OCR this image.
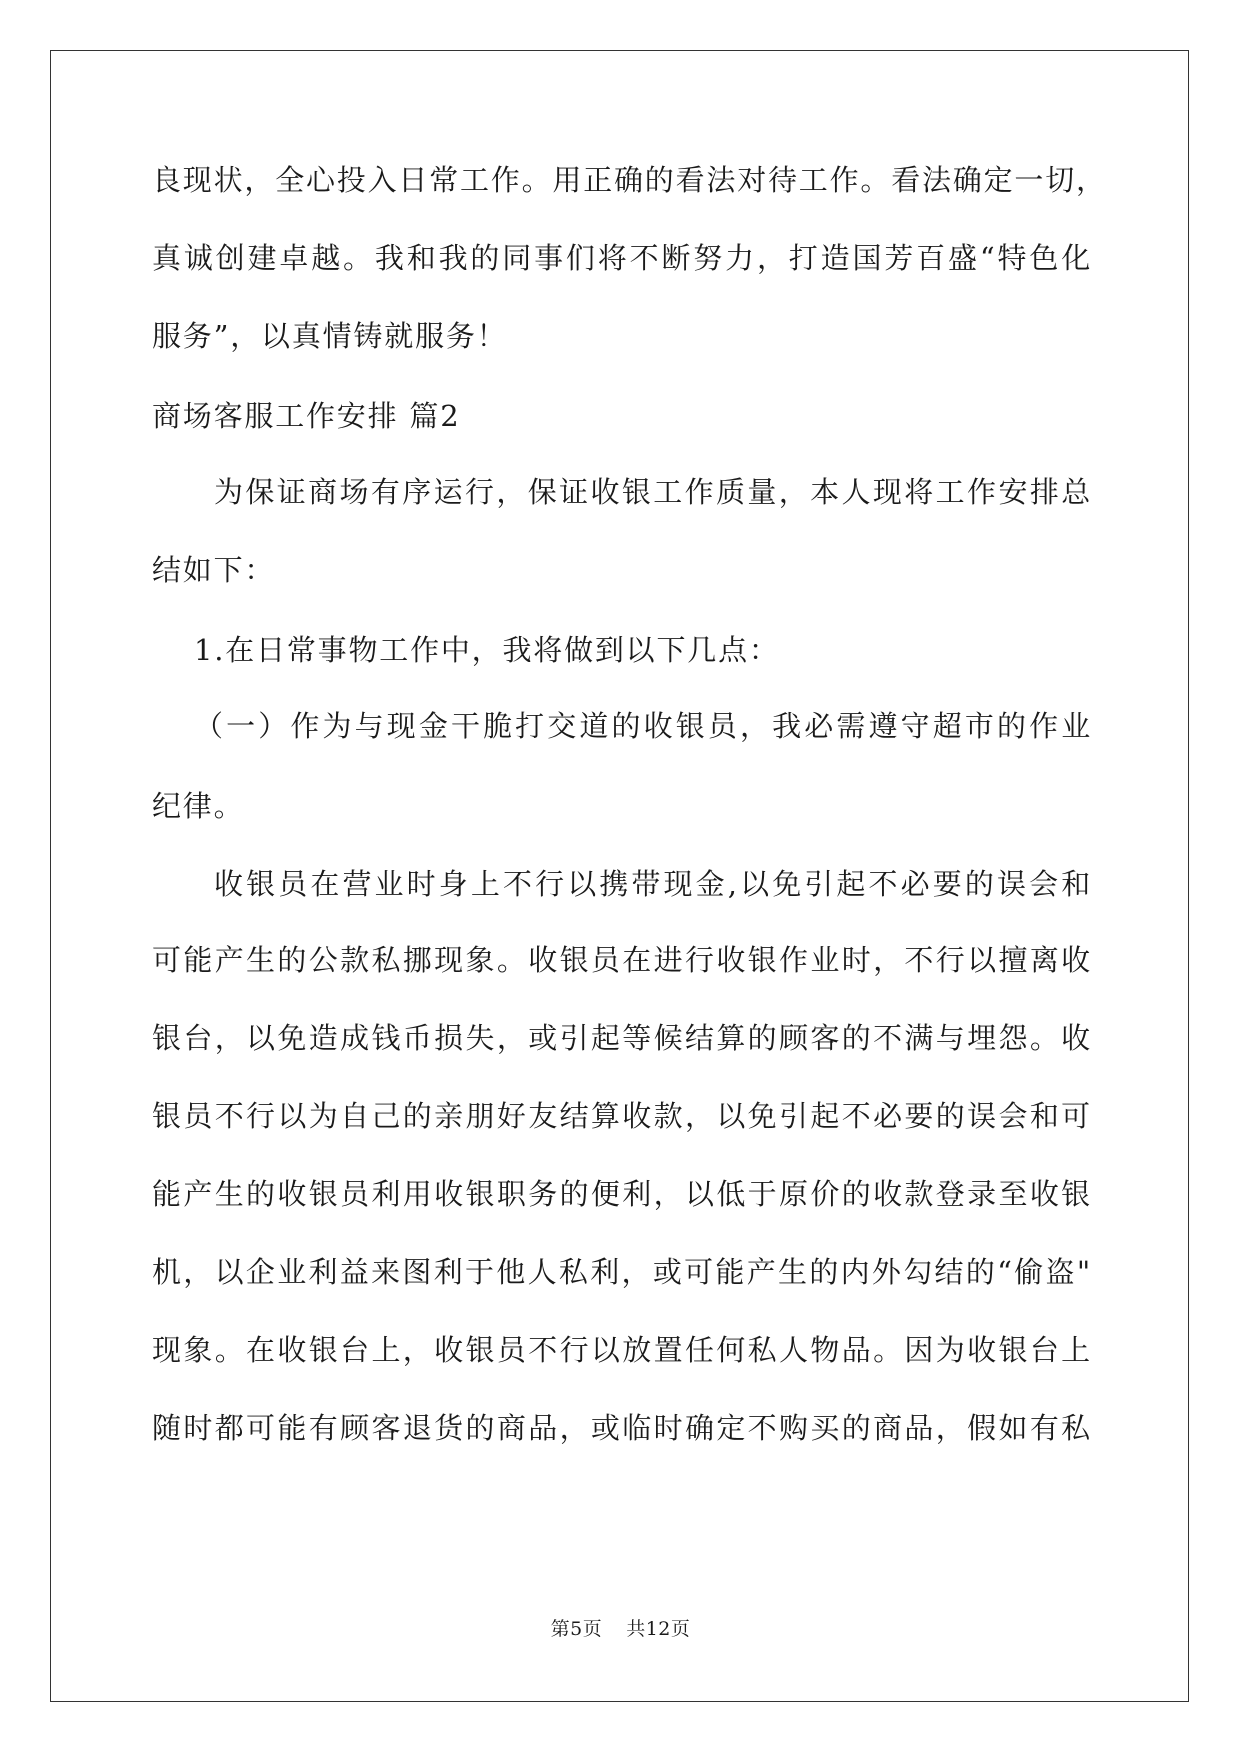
良现状，全心投入日常工作。用正确的看法对待工作。看法确定一切，
真诚创建卓越。我和我的同事们将不断努力，打造国芳百盛“特色化
服务”，以真情铸就服务！
商场客服工作安排 篇2
为保证商场有序运行，保证收银工作质量，本人现将工作安排总
结如下：
1.在日常事物工作中，我将做到以下几点：
（一）作为与现金干脆打交道的收银员，我必需遵守超市的作业
纪律。
收银员在营业时身上不行以携带现金,以免引起不必要的误会和
可能产生的公款私挪现象。收银员在进行收银作业时，不行以擅离收
银台，以免造成钱币损失，或引起等候结算的顾客的不满与埋怨。收
银员不行以为自己的亲朋好友结算收款，以免引起不必要的误会和可
能产生的收银员利用收银职务的便利，以低于原价的收款登录至收银
机，以企业利益来图利于他人私利，或可能产生的内外勾结的“偷盗"
现象。在收银台上，收银员不行以放置任何私人物品。因为收银台上
随时都可能有顾客退货的商品，或临时确定不购买的商品，假如有私
第5页 共12页
